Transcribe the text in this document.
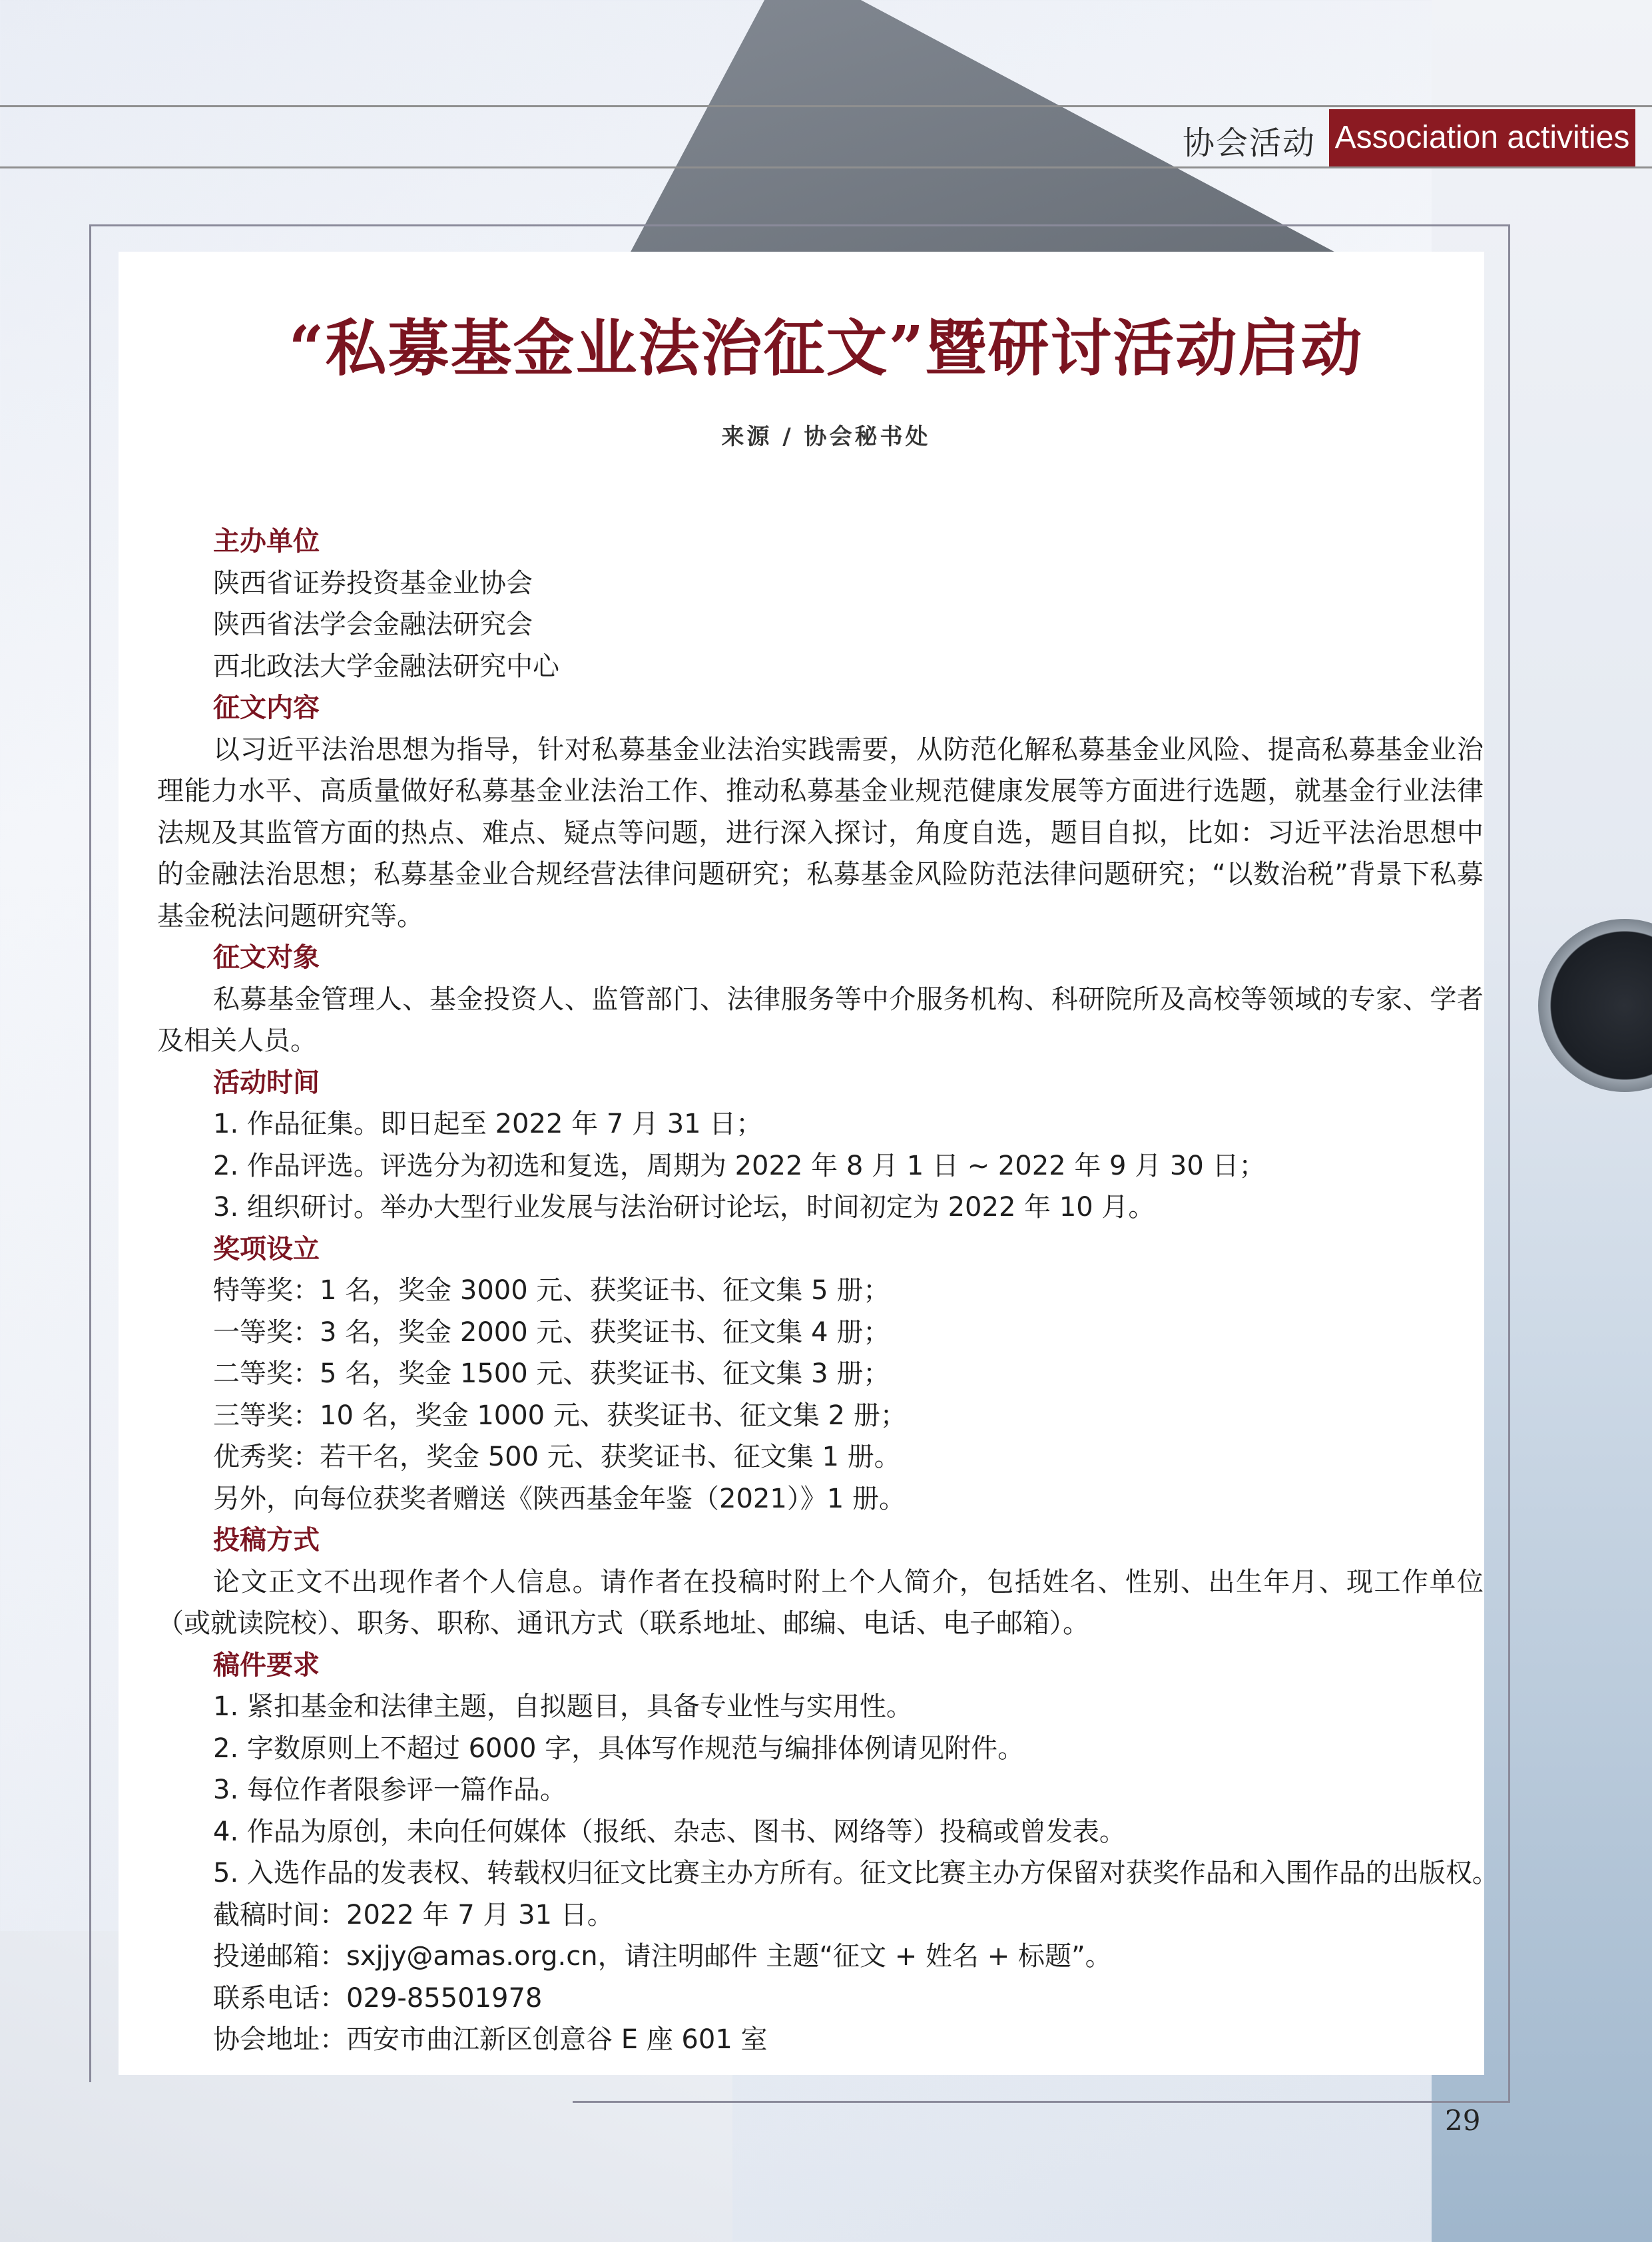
协会活动 Association activities
“私募基金业法治征文”暨研讨活动启动
来源 / 协会秘书处
主办单位
陕西省证券投资基金业协会
陕西省法学会金融法研究会
西北政法大学金融法研究中心
征文内容
以习近平法治思想为指导，针对私募基金业法治实践需要，从防范化解私募基金业风险、提高私募基金业治理能力水平、高质量做好私募基金业法治工作、推动私募基金业规范健康发展等方面进行选题，就基金行业法律法规及其监管方面的热点、难点、疑点等问题，进行深入探讨，角度自选，题目自拟，比如：习近平法治思想中的金融法治思想；私募基金业合规经营法律问题研究；私募基金风险防范法律问题研究；“以数治税”背景下私募基金税法问题研究等。
征文对象
私募基金管理人、基金投资人、监管部门、法律服务等中介服务机构、科研院所及高校等领域的专家、学者及相关人员。
活动时间
1. 作品征集。即日起至 2022 年 7 月 31 日；
2. 作品评选。评选分为初选和复选，周期为 2022 年 8 月 1 日 ~ 2022 年 9 月 30 日；
3. 组织研讨。举办大型行业发展与法治研讨论坛，时间初定为 2022 年 10 月。
奖项设立
特等奖：1 名，奖金 3000 元、获奖证书、征文集 5 册；
一等奖：3 名，奖金 2000 元、获奖证书、征文集 4 册；
二等奖：5 名，奖金 1500 元、获奖证书、征文集 3 册；
三等奖：10 名，奖金 1000 元、获奖证书、征文集 2 册；
优秀奖：若干名，奖金 500 元、获奖证书、征文集 1 册。
另外，向每位获奖者赠送《陕西基金年鉴（2021）》1 册。
投稿方式
论文正文不出现作者个人信息。请作者在投稿时附上个人简介，包括姓名、性别、出生年月、现工作单位（或就读院校）、职务、职称、通讯方式（联系地址、邮编、电话、电子邮箱）。
稿件要求
1. 紧扣基金和法律主题，自拟题目，具备专业性与实用性。
2. 字数原则上不超过 6000 字，具体写作规范与编排体例请见附件。
3. 每位作者限参评一篇作品。
4. 作品为原创，未向任何媒体（报纸、杂志、图书、网络等）投稿或曾发表。
5. 入选作品的发表权、转载权归征文比赛主办方所有。征文比赛主办方保留对获奖作品和入围作品的出版权。
截稿时间：2022 年 7 月 31 日。
投递邮箱：sxjjy@amas.org.cn，请注明邮件 主题“征文 + 姓名 + 标题”。
联系电话：029-85501978
协会地址：西安市曲江新区创意谷 E 座 601 室
29
